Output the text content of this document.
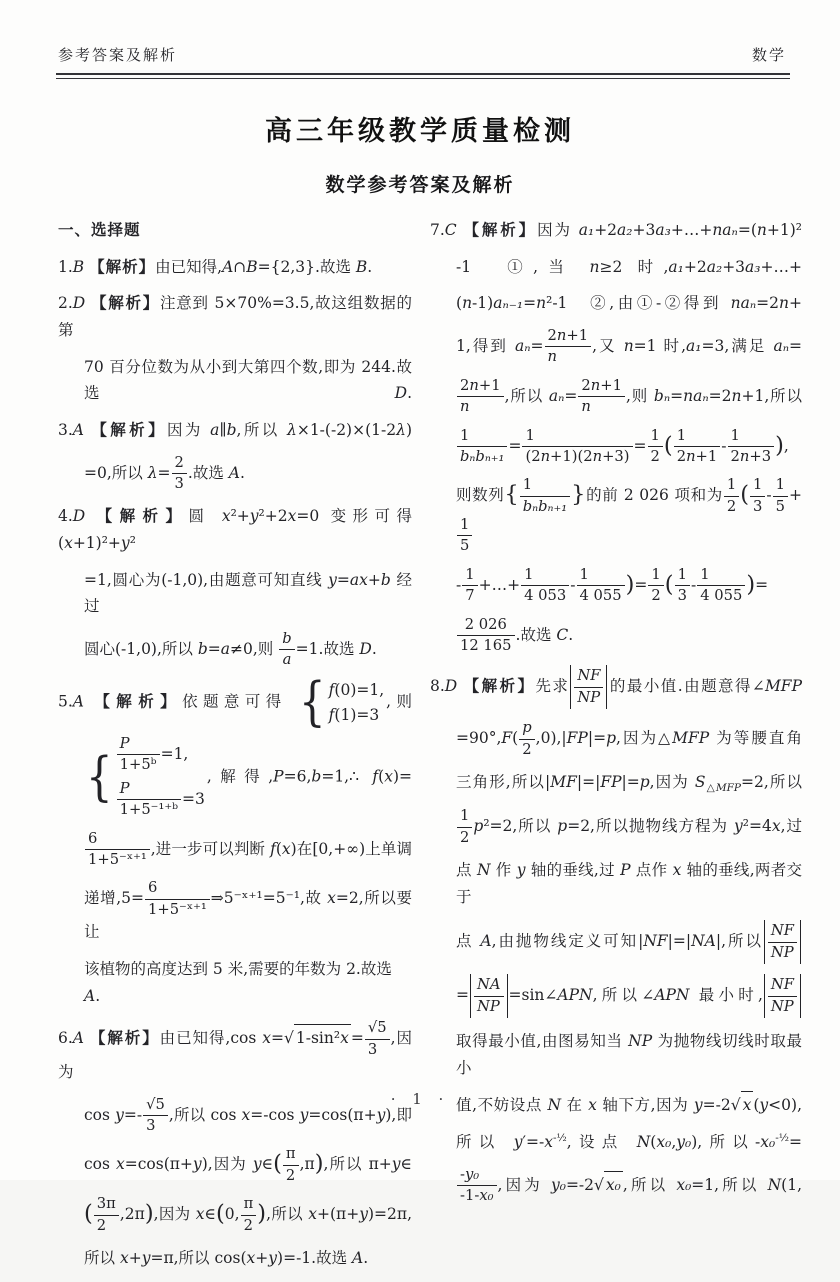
参考答案及解析	数学
高三年级教学质量检测
数学参考答案及解析
一、选择题
1.B 【解析】由已知得,A∩B={2,3}.故选 B.
2.D 【解析】注意到 5×70%=3.5,故这组数据的第
70 百分位数为从小到大第四个数,即为 244.故选 D.
3.A 【解析】因为 a∥b,所以 λ×1-(-2)×(1-2λ)
=0,所以 $\lambda= \frac{2}{3}$ .故选 A.
4.D 【解析】圆 x²+y²+2x=0 变形可得(x+1)²+y²
=1,圆心为(-1,0),由题意可知直线 y=ax+b 经过
圆心(-1,0),所以 b=a≠0,则 $\frac{b}{a} =1$.故选 D.
5.A 【解析】依题意可得 { f(0)=1,
f(1)=3
,则
{ $\frac{P}{\text{1+5ᵇ}} =1$,
$\frac{P}{\text{1+5⁻¹⁺ᵇ}} =3$
,解得,P=6,b=1,∴ f(x)=
$\frac{6}{\text{1+5⁻ˣ⁺¹}}$ ,进一步可以判断 f(x)在[0,+∞)上单调
递增$,5= \frac{6}{\text{1+5⁻ˣ⁺¹}}$ ⇒5⁻ˣ⁺¹=5⁻¹,故 x=2,所以要让
该植物的高度达到 5 米,需要的年数为 2.故选 A.
6.A 【解析】由已知得,cos x=√ $1-\sin^2x = \frac{√5}{3}$ ,因为
$\cos y=- \frac{√5}{3}$ ,所以 cos x=-cos y=cos(π+y),即
cos x=cos(π+y),因为 y∈( $\frac{\pi}{2} ,\pi$),所以 π+y∈
( $\frac{3\pi}{2} ,2\pi$),因为 x∈(0, $\frac{\pi}{2}$ ),所以 x+(π+y)=2π,
所以 x+y=π,所以 cos(x+y)=-1.故选 A.
7.C 【解析】因为 a₁+2a₂+3a₃+…+naₙ=(n+1)²
-1　①,当 n≥2 时,a₁+2a₂+3a₃+…+
(n-1)aₙ₋₁=n²-1　②,由①-②得到 naₙ=2n+
1,得到 $a_n= \frac{2n+1}{n}$ ,又 n=1 时,a₁=3,满足 aₙ=
$\frac{2n+1}{n}$ ,所以 $a_n= \frac{2n+1}{n}$ ,则 bₙ=naₙ=2n+1,所以
1
bₙbₙ₊₁
= $\frac{1}{(2n+1)(2n+3)} = \frac{1}{2}$ ( $\frac{1}{2n+1} - \frac{1}{2n+3}$ ),
则数列{ 1
bₙbₙ₊₁ }的前 2 026 项和为 $\frac{1}{2}$ ( $\frac{1}{3} - \frac{1}{5}$ +
$\frac{1}{5}$
- $\frac{1}{7}$ +…+ $\frac{1}{4 053} - \frac{1}{4 055}$ )= $\frac{1}{2}$ ( $\frac{1}{3} - \frac{1}{4 055}$ )=
$\frac{2 026}{12 165}$ .故选 C.
8.D 【解析】先求 $\frac{NF}{NP}$ 的最小值.由题意得∠MFP
$=90^\circ,F( \frac{p}{2} ,0),|FP|=p$,因为△MFP 为等腰直角
三角形,所以|MF|=|FP|=p,因为 $S_{\triangle MFP}=2$,所以
$\frac{1}{2} p^2=2$,所以 p=2,所以抛物线方程为 y²=4x,过
点 N 作 y 轴的垂线,过 P 点作 x 轴的垂线,两者交于
点 A,由抛物线定义可知|NF|=|NA|,所以 $\frac{NF}{NP}$
= $\frac{NA}{NP}$ =sin∠APN,所以∠APN 最小时, $\frac{NF}{NP}$
取得最小值,由图易知当 NP 为抛物线切线时取最小
值,不妨设点 N 在 x 轴下方,因为 y=-2√ x (y<0),
所以 $y'=-x^{-\frac{1}{2}}$,设点 N(x₀,y₀),所以-x₀$^{-\frac{1}{2}}$=
$\frac{\text{-y₀}}{\text{-1-x₀}}$ ,因为 y₀=-2√ x₀ ,所以 x₀=1,所以 N(1,
· 1 ·
